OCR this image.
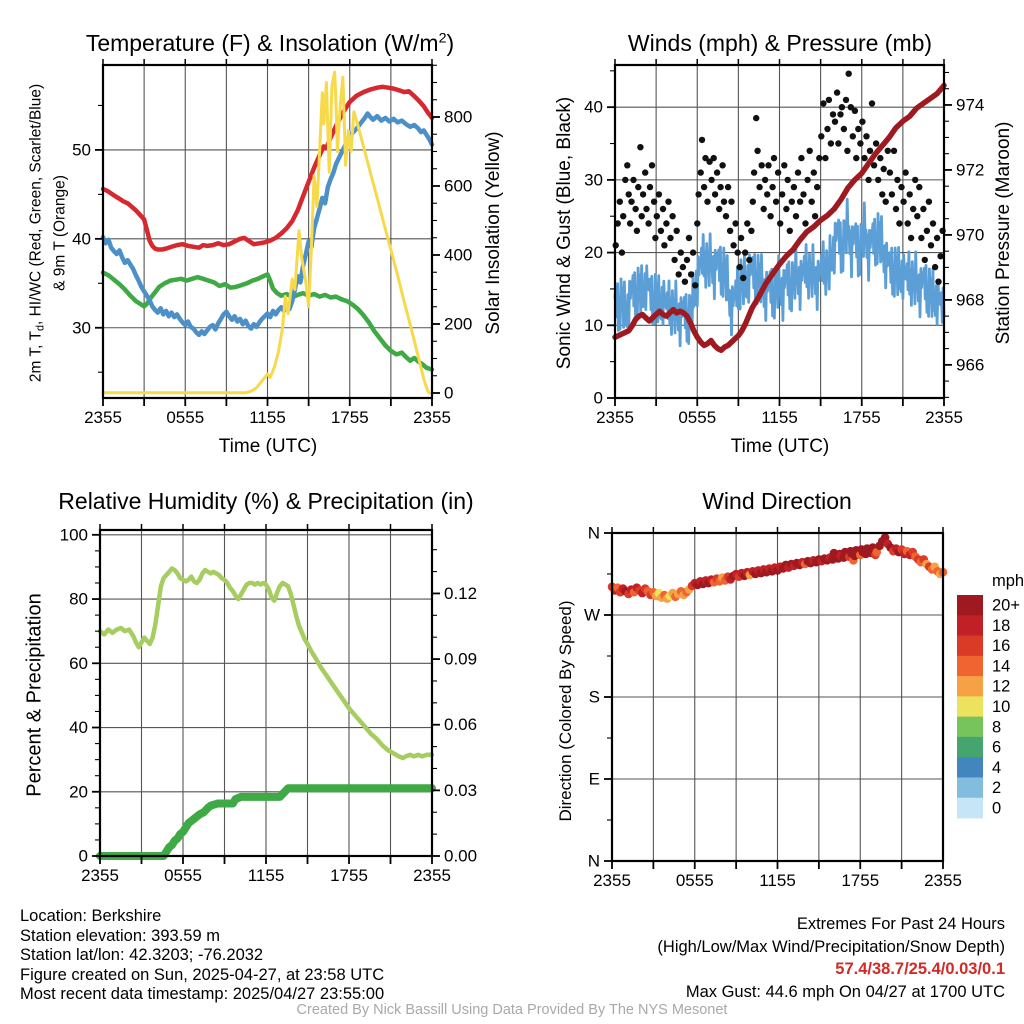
2355	0555	1155	1755	2355
30
40
50
0
200
400
600
800
2355	0555	1155	1755	2355
0
10
20
30
40
966
968
970
972
974
2355	0555	1155	1755	2355
0
20
40
60
80
100
0.00
0.03
0.06
0.09
0.12
2355	0555	1155	1755	2355
N
W
S
E
N
mph
20+
18
16
14
12
10
8
6
4
2
0
Temperature (F) & Insolation $(W/m^2)$	Winds (mph) & Pressure (mb)
Relative Humidity (%) & Precipitation (in)	Wind Direction
2m T, $T_d$, HI/WC (Red, Green, Scarlet/Blue) & 9m T (Orange)	Solar Insolation (Yellow)	Sonic Wind & Gust (Blue, Black)	Station Pressure (Maroon)
Percent & Precipitation	Direction (Colored By Speed)
Time (UTC)	Time (UTC)
Location: Berkshire
Station elevation: 393.59 m
Station lat/lon: 42.3203; -76.2032
Figure created on Sun, 2025-04-27, at 23:58 UTC
Most recent data timestamp: 2025/04/27 23:55:00
Extremes For Past 24 Hours
(High/Low/Max Wind/Precipitation/Snow Depth)
57.4/38.7/25.4/0.03/0.1
Max Gust: 44.6 mph On 04/27 at 1700 UTC
Created By Nick Bassill Using Data Provided By The NYS Mesonet
